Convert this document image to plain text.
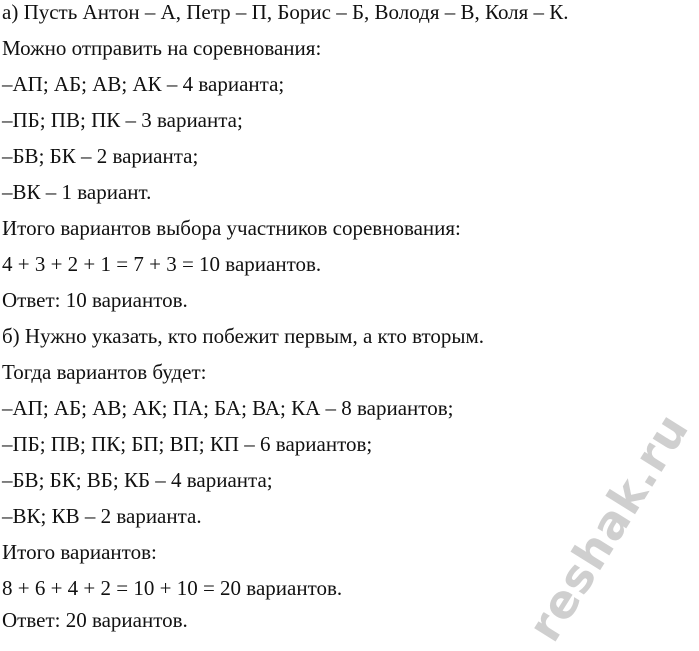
а) Пусть Антон – А, Петр – П, Борис – Б, Володя – В, Коля – К.
Можно отправить на соревнования:
–АП; АБ; АВ; АК – 4 варианта;
–ПБ; ПВ; ПК – 3 варианта;
–БВ; БК – 2 варианта;
–ВК – 1 вариант.
Итого вариантов выбора участников соревнования:
4 + 3 + 2 + 1 = 7 + 3 = 10 вариантов.
Ответ: 10 вариантов.
б) Нужно указать, кто побежит первым, а кто вторым.
Тогда вариантов будет:
–АП; АБ; АВ; АК; ПА; БА; ВА; КА – 8 вариантов;
–ПБ; ПВ; ПК; БП; ВП; КП – 6 вариантов;
–БВ; БК; ВБ; КБ – 4 варианта;
–ВК; КВ – 2 варианта.
Итого вариантов:
8 + 6 + 4 + 2 = 10 + 10 = 20 вариантов.
Ответ: 20 вариантов.	reshak.ru
